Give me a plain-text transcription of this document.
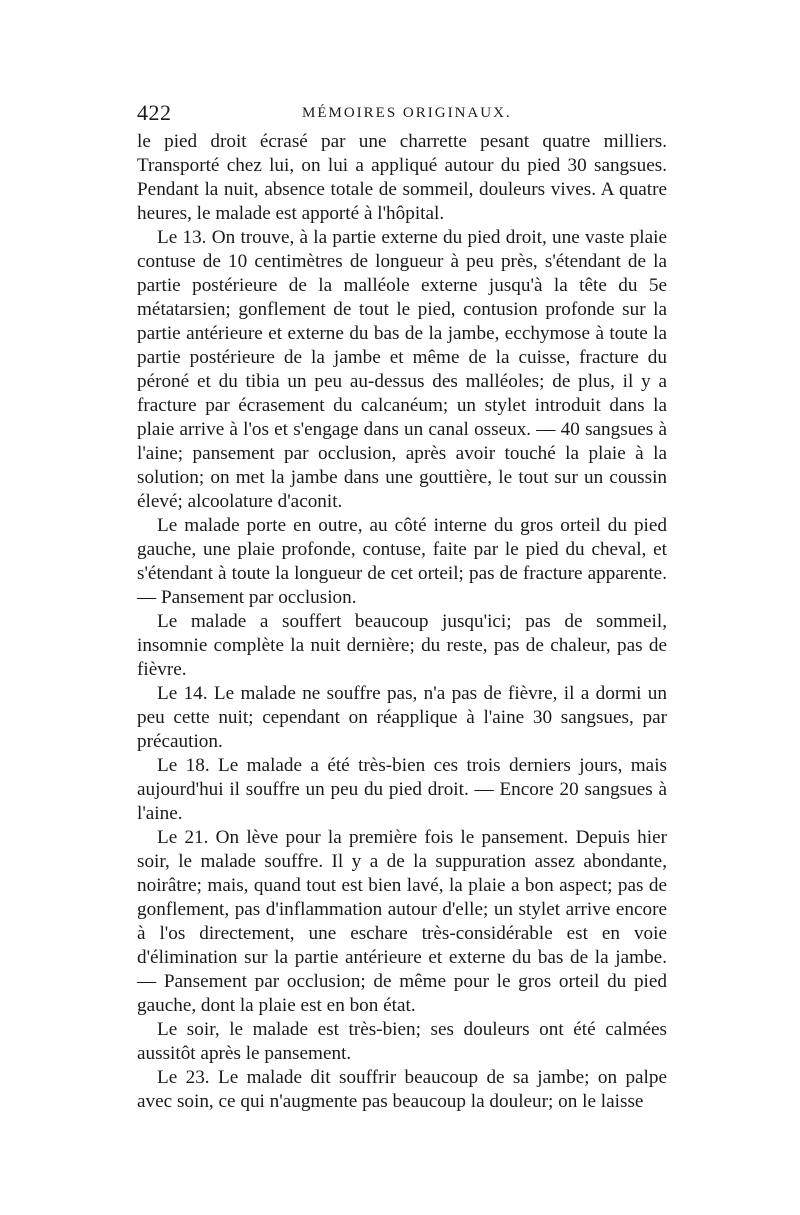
422	MÉMOIRES ORIGINAUX.

le pied droit écrasé par une charrette pesant quatre milliers. Transporté chez lui, on lui a appliqué autour du pied 30 sangsues. Pendant la nuit, absence totale de sommeil, douleurs vives. A quatre heures, le malade est apporté à l'hôpital.

Le 13. On trouve, à la partie externe du pied droit, une vaste plaie contuse de 10 centimètres de longueur à peu près, s'étendant de la partie postérieure de la malléole externe jusqu'à la tête du 5e métatarsien; gonflement de tout le pied, contusion profonde sur la partie antérieure et externe du bas de la jambe, ecchymose à toute la partie postérieure de la jambe et même de la cuisse, fracture du péroné et du tibia un peu au-dessus des malléoles; de plus, il y a fracture par écrasement du calcanéum; un stylet introduit dans la plaie arrive à l'os et s'engage dans un canal osseux. — 40 sangsues à l'aine; pansement par occlusion, après avoir touché la plaie à la solution; on met la jambe dans une gouttière, le tout sur un coussin élevé; alcoolature d'aconit.

Le malade porte en outre, au côté interne du gros orteil du pied gauche, une plaie profonde, contuse, faite par le pied du cheval, et s'étendant à toute la longueur de cet orteil; pas de fracture apparente. — Pansement par occlusion.

Le malade a souffert beaucoup jusqu'ici; pas de sommeil, insomnie complète la nuit dernière; du reste, pas de chaleur, pas de fièvre.

Le 14. Le malade ne souffre pas, n'a pas de fièvre, il a dormi un peu cette nuit; cependant on réapplique à l'aine 30 sangsues, par précaution.

Le 18. Le malade a été très-bien ces trois derniers jours, mais aujourd'hui il souffre un peu du pied droit. — Encore 20 sangsues à l'aine.

Le 21. On lève pour la première fois le pansement. Depuis hier soir, le malade souffre. Il y a de la suppuration assez abondante, noirâtre; mais, quand tout est bien lavé, la plaie a bon aspect; pas de gonflement, pas d'inflammation autour d'elle; un stylet arrive encore à l'os directement, une eschare très-considérable est en voie d'élimination sur la partie antérieure et externe du bas de la jambe. — Pansement par occlusion; de même pour le gros orteil du pied gauche, dont la plaie est en bon état.

Le soir, le malade est très-bien; ses douleurs ont été calmées aussitôt après le pansement.

Le 23. Le malade dit souffrir beaucoup de sa jambe; on palpe avec soin, ce qui n'augmente pas beaucoup la douleur; on le laisse
